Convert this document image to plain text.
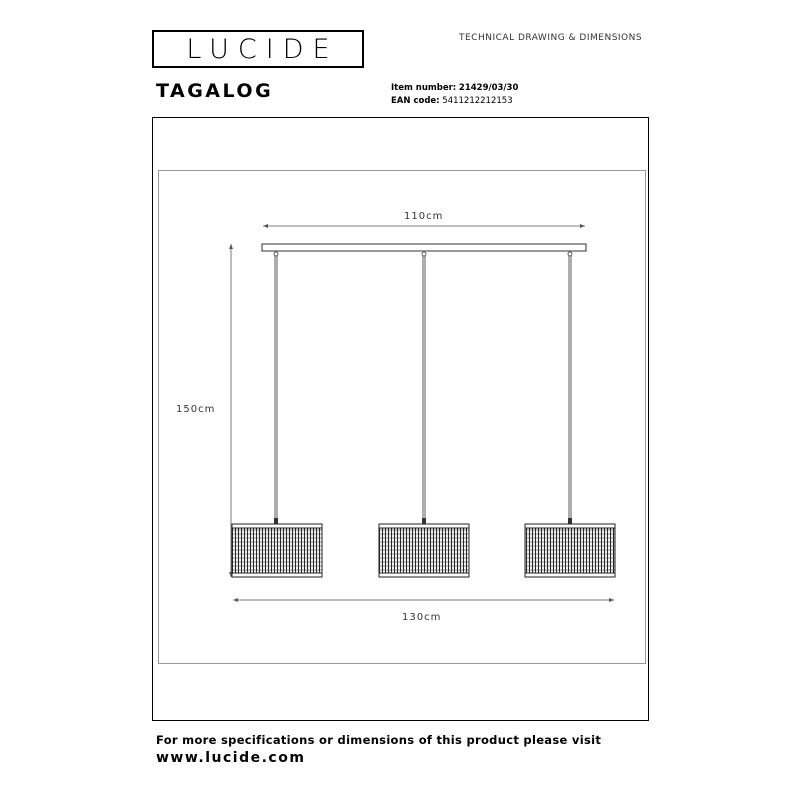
LUCIDE	TECHNICAL DRAWING & DIMENSIONS
TAGALOG	Item number: 21429/03/30
EAN code: 5411212212153
110cm
150cm
130cm
For more specifications or dimensions of this product please visit
www.lucide.com
